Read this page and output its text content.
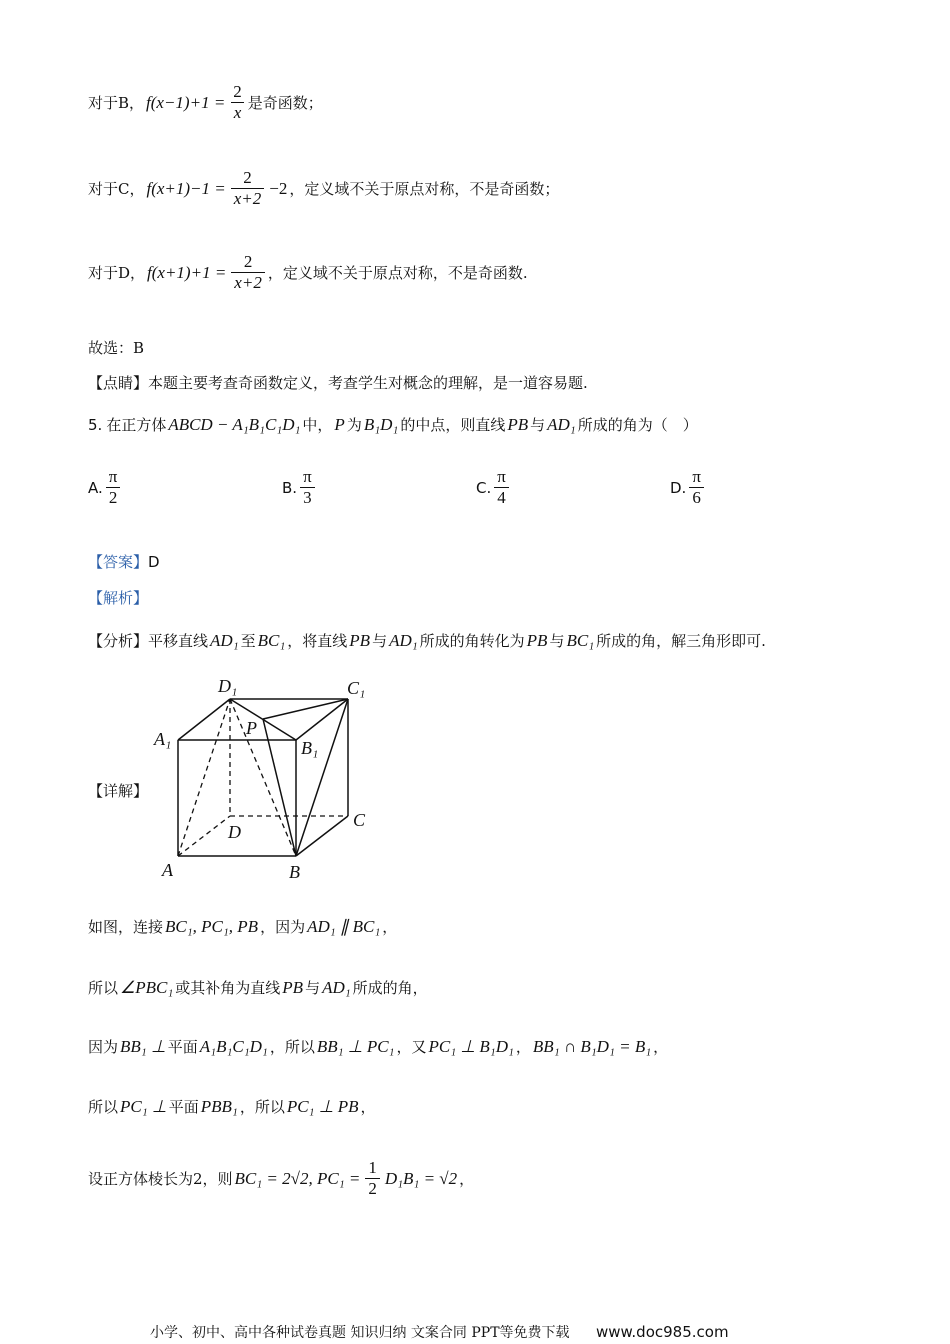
对于B， $f(x-1)+1 = \frac{2}{x}$ 是奇函数；
对于C， $f(x+1)-1 = \frac{2}{x+2} -2$ ，定义域不关于原点对称，不是奇函数；
对于D， $f(x+1)+1 = \frac{2}{x+2}$ ，定义域不关于原点对称，不是奇函数.
故选：B
【点睛】 本题主要考查奇函数定义，考查学生对概念的理解，是一道容易题.
5. 在正方体 ABCD − A₁B₁C₁D₁ 中， P 为 B₁D₁ 的中点，则直线 PB 与 AD₁ 所成的角为（　）
A. $\frac{\pi}{2}$	B. $\frac{\pi}{3}$	C. $\frac{\pi}{4}$	D. $\frac{\pi}{6}$
【答案】 D
【解析】
【分析】 平移直线 AD₁ 至 BC₁ ，将直线 PB 与 AD₁ 所成的角转化为 PB 与 BC₁ 所成的角，解三角形即可.
【详解】
D₁	C₁
A₁	B₁
P
D
C
A	B
如图，连接 BC₁, PC₁, PB ，因为 AD₁ ∥ BC₁ ，
所以 ∠PBC₁ 或其补角为直线 PB 与 AD₁ 所成的角，
因为 BB₁ ⊥ 平面 A₁B₁C₁D₁ ，所以 BB₁ ⊥ PC₁ ，又 PC₁ ⊥ B₁D₁ ， BB₁ ∩ B₁D₁ = B₁ ，
所以 PC₁ ⊥ 平面 PBB₁ ，所以 PC₁ ⊥ PB ，
设正方体棱长为2，则 BC₁ = 2√2, $PC_1 = \frac{1}{2} D_1B_1 = √2$ ，
小学、初中、高中各种试卷真题 知识归纳 文案合同 PPT等免费下载 www.doc985.com
